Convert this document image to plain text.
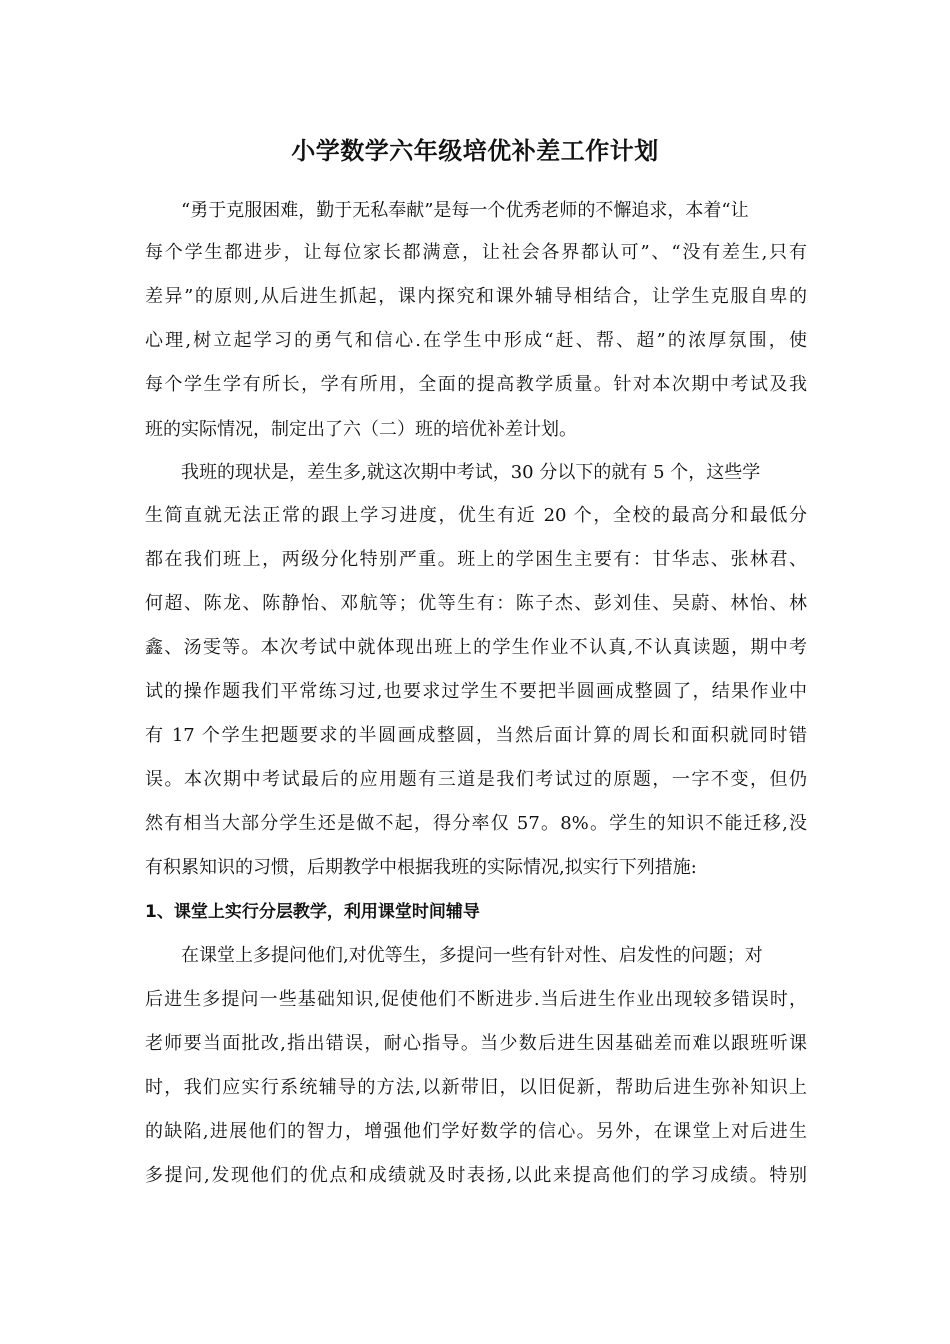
小学数学六年级培优补差工作计划
“勇于克服困难，勤于无私奉献”是每一个优秀老师的不懈追求，本着“让
每个学生都进步，让每位家长都满意，让社会各界都认可”、“没有差生,只有
差异”的原则,从后进生抓起，课内探究和课外辅导相结合，让学生克服自卑的
心理,树立起学习的勇气和信心.在学生中形成“赶、帮、超”的浓厚氛围，使
每个学生学有所长，学有所用，全面的提高教学质量。针对本次期中考试及我
班的实际情况，制定出了六（二）班的培优补差计划。
我班的现状是，差生多,就这次期中考试，30 分以下的就有 5 个，这些学
生简直就无法正常的跟上学习进度，优生有近 20 个，全校的最高分和最低分
都在我们班上，两级分化特别严重。班上的学困生主要有：甘华志、张林君、
何超、陈龙、陈静怡、邓航等；优等生有：陈子杰、彭刘佳、吴蔚、林怡、林
鑫、汤雯等。本次考试中就体现出班上的学生作业不认真,不认真读题，期中考
试的操作题我们平常练习过,也要求过学生不要把半圆画成整圆了，结果作业中
有 17 个学生把题要求的半圆画成整圆，当然后面计算的周长和面积就同时错
误。本次期中考试最后的应用题有三道是我们考试过的原题，一字不变，但仍
然有相当大部分学生还是做不起，得分率仅 57。8%。学生的知识不能迁移,没
有积累知识的习惯，后期教学中根据我班的实际情况,拟实行下列措施:
1、课堂上实行分层教学，利用课堂时间辅导
在课堂上多提问他们,对优等生，多提问一些有针对性、启发性的问题；对
后进生多提问一些基础知识,促使他们不断进步.当后进生作业出现较多错误时，
老师要当面批改,指出错误，耐心指导。当少数后进生因基础差而难以跟班听课
时，我们应实行系统辅导的方法,以新带旧，以旧促新，帮助后进生弥补知识上
的缺陷,进展他们的智力，增强他们学好数学的信心。另外，在课堂上对后进生
多提问,发现他们的优点和成绩就及时表扬,以此来提高他们的学习成绩。特别
